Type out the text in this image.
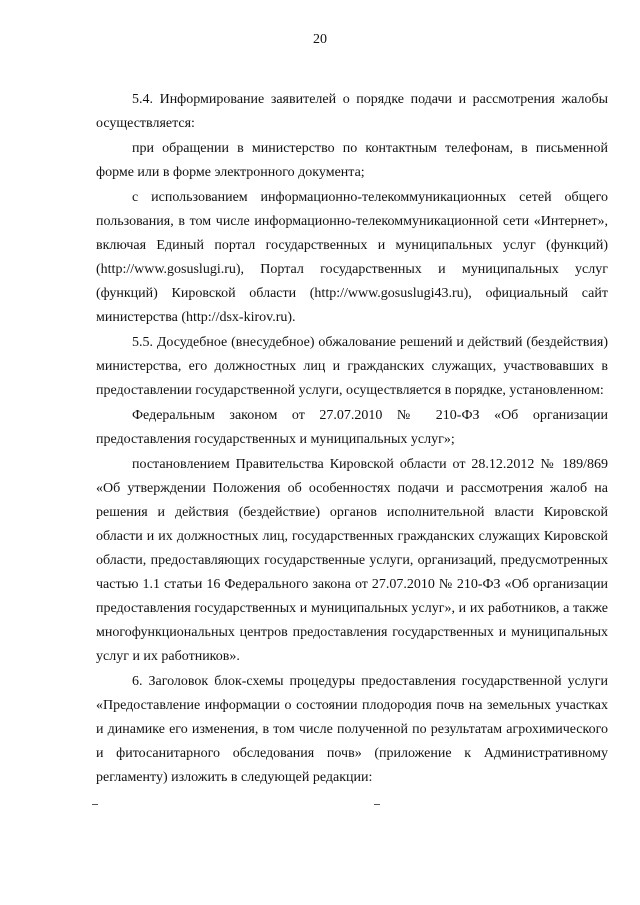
20

5.4. Информирование заявителей о порядке подачи и рассмотрения жалобы осуществляется:

при обращении в министерство по контактным телефонам, в письменной форме или в форме электронного документа;

с использованием информационно-телекоммуникационных сетей общего пользования, в том числе информационно-телекоммуникационной сети «Интернет», включая Единый портал государственных и муниципальных услуг (функций) (http://www.gosuslugi.ru), Портал государственных и муниципальных услуг (функций) Кировской области (http://www.gosuslugi43.ru), официальный сайт министерства (http://dsx-kirov.ru).

5.5. Досудебное (внесудебное) обжалование решений и действий (бездействия) министерства, его должностных лиц и гражданских служащих, участвовавших в предоставлении государственной услуги, осуществляется в порядке, установленном:

Федеральным законом от 27.07.2010 № 210-ФЗ «Об организации предоставления государственных и муниципальных услуг»;

постановлением Правительства Кировской области от 28.12.2012 № 189/869 «Об утверждении Положения об особенностях подачи и рассмотрения жалоб на решения и действия (бездействие) органов исполнительной власти Кировской области и их должностных лиц, государственных гражданских служащих Кировской области, предоставляющих государственные услуги, организаций, предусмотренных частью 1.1 статьи 16 Федерального закона от 27.07.2010 № 210-ФЗ «Об организации предоставления государственных и муниципальных услуг», и их работников, а также многофункциональных центров предоставления государственных и муниципальных услуг и их работников».

6. Заголовок блок-схемы процедуры предоставления государственной услуги «Предоставление информации о состоянии плодородия почв на земельных участках и динамике его изменения, в том числе полученной по результатам агрохимического и фитосанитарного обследования почв» (приложение к Административному регламенту) изложить в следующей редакции:
